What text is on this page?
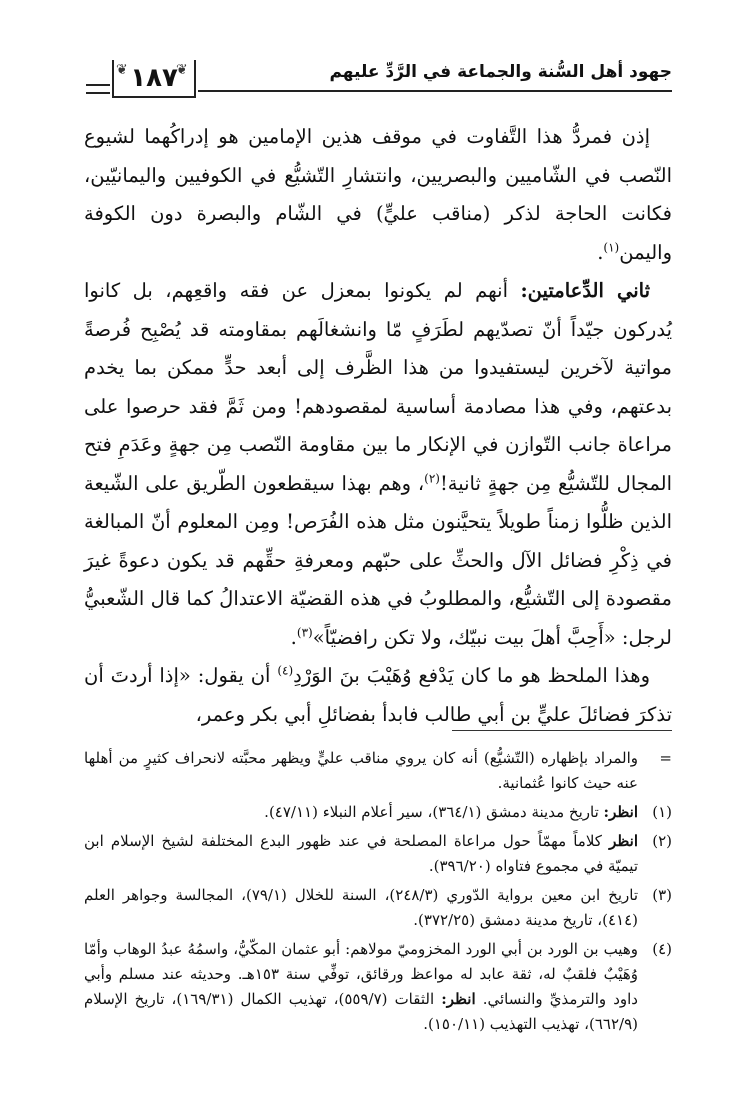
جهود أهل السُّنة والجماعة في الرَّدِّ عليهم
❦	❦
١٨٧

إذن فمردُّ هذا التَّفاوت في موقف هذين الإمامين هو إدراكُهما لشيوع النّصب في الشّاميين والبصريين، وانتشارِ التّشيُّع في الكوفيين واليمانيّين، فكانت الحاجة لذكر (مناقب عليٍّ) في الشّام والبصرة دون الكوفة واليمن$^{(١)}$.

ثاني الدِّعامتين: أنهم لم يكونوا بمعزل عن فقه واقعِهم، بل كانوا يُدركون جيّداً أنّ تصدّيهم لطَرَفٍ مّا وانشغالَهم بمقاومته قد يُصْبِح فُرصةً مواتية لآخرين ليستفيدوا من هذا الظَّرف إلى أبعد حدٍّ ممكن بما يخدم بدعتهم، وفي هذا مصادمة أساسية لمقصودهم! ومن ثَمَّ فقد حرصوا على مراعاة جانب التّوازن في الإنكار ما بين مقاومة النّصب مِن جهةٍ وعَدَمِ فتح المجال للتّشيُّع مِن جهةٍ ثانية!$^{(٢)}$، وهم بهذا سيقطعون الطّريق على الشّيعة الذين ظلُّوا زمناً طويلاً يتحيَّنون مثل هذه الفُرَص! ومِن المعلوم أنّ المبالغة في ذِكْرِ فضائل الآل والحثِّ على حبّهم ومعرفةِ حقِّهم قد يكون دعوةً غيرَ مقصودة إلى التّشيُّع، والمطلوبُ في هذه القضيّة الاعتدالُ كما قال الشّعبيُّ لرجل: «أَحِبَّ أهلَ بيت نبيّك، ولا تكن رافضيّاً»$^{(٣)}$.

وهذا الملحظ هو ما كان يَدْفع وُهَيْبَ بنَ الوَرْدِ$^{(٤)}$ أن يقول: «إذا أردتَ أن تذكرَ فضائلَ عليٍّ بن أبي طالب فابدأ بفضائلِ أبي بكر وعمر،

=
والمراد بإظهاره (التّشيُّع) أنه كان يروي مناقب عليٍّ ويظهر محبَّته لانحراف كثيرٍ من أهلها عنه حيث كانوا عُثمانية.
(١)
انظر: تاريخ مدينة دمشق (٣٦٤/١)، سير أعلام النبلاء (٤٧/١١).
(٢)
انظر كلاماً مهمّاً حول مراعاة المصلحة في عند ظهور البدع المختلفة لشيخ الإسلام ابن تيميّة في مجموع فتاواه (٣٩٦/٢٠).
(٣)
تاريخ ابن معين برواية الدّوري (٢٤٨/٣)، السنة للخلال (٧٩/١)، المجالسة وجواهر العلم (٤١٤)، تاريخ مدينة دمشق (٣٧٢/٢٥).
(٤)
وهيب بن الورد بن أبي الورد المخزوميّ مولاهم: أبو عثمان المكّيُّ، واسمُهُ عبدُ الوهاب وأمّا وُهَيْبٌ فلقبٌ له، ثقة عابد له مواعظ ورقائق، توفِّي سنة ١٥٣هـ. وحديثه عند مسلم وأبي داود والترمذيِّ والنسائي. انظر: الثقات (٥٥٩/٧)، تهذيب الكمال (١٦٩/٣١)، تاريخ الإسلام (٦٦٢/٩)، تهذيب التهذيب (١٥٠/١١).
